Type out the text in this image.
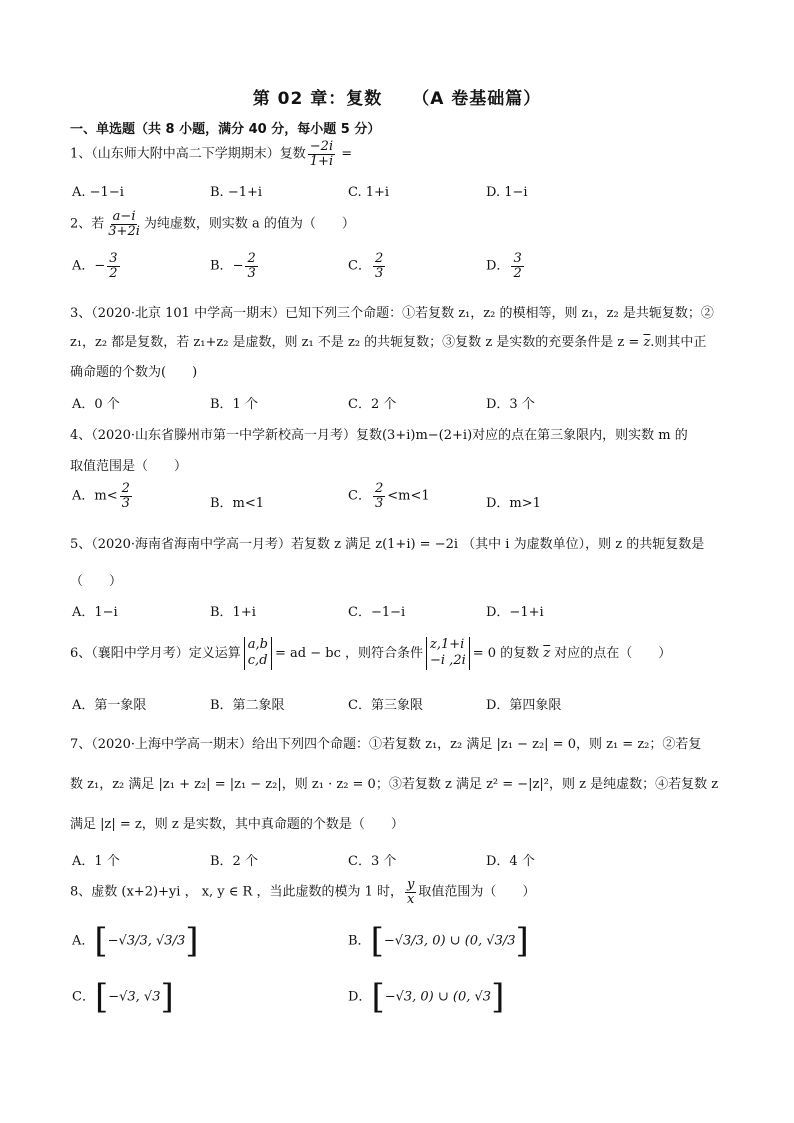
第 02 章：复数 （A 卷基础篇）
一、单选题（共 8 小题，满分 40 分，每小题 5 分）
1、（山东师大附中高二下学期期末）复数 $\frac{-2i}{1+i}$ =
A. −1−i	B. −1+i	C. 1+i	D. 1−i
2、若 $\frac{a-i}{3+2i}$ 为纯虚数，则实数 a 的值为（　　）
A．− $\frac{3}{2}$	B．− $\frac{2}{3}$	C． $\frac{2}{3}$	D． $\frac{3}{2}$
3、（2020·北京 101 中学高一期末）已知下列三个命题：①若复数 z₁，z₂ 的模相等，则 z₁，z₂ 是共轭复数；②
z₁，z₂ 都是复数，若 z₁+z₂ 是虚数，则 z₁ 不是 z₂ 的共轭复数；③复数 z 是实数的充要条件是 $z = \overline{z}$.则其中正
确命题的个数为(　　)
A．0 个	B．1 个	C．2 个	D．3 个
4、（2020·山东省滕州市第一中学新校高一月考）复数(3+i)m−(2+i)对应的点在第三象限内，则实数 m 的
取值范围是（　　）
A．$m< \frac{2}{3}$	B．m<1	C． $\frac{2}{3} <m<1$	D．m>1
5、（2020·海南省海南中学高一月考）若复数 z 满足 z(1+i) = −2i （其中 i 为虚数单位），则 z 的共轭复数是
（　　）
A．1−i	B．1+i	C．−1−i	D．−1+i
6、（襄阳中学月考）定义运算
a,b
c,d = ad − bc ，则符合条件
z,1+i
−i ,2i = 0 的复数 $\overline{z}$ 对应的点在（　　）
A．第一象限	B．第二象限	C．第三象限	D．第四象限
7、（2020·上海中学高一期末）给出下列四个命题：①若复数 z₁，z₂ 满足 |z₁ − z₂| = 0，则 z₁ = z₂；②若复
数 z₁，z₂ 满足 |z₁ + z₂| = |z₁ − z₂|，则 z₁ · z₂ = 0；③若复数 z 满足 z² = −|z|²，则 z 是纯虚数；④若复数 z
满足 |z| = z，则 z 是实数，其中真命题的个数是（　　）
A．1 个	B．2 个	C．3 个	D．4 个
8、虚数 (x+2)+yi ， x, y ∈ R ，当此虚数的模为 1 时， $\frac{y}{x}$ 取值范围为（　　）
A．[−√3/3, √3/3]	B．[−√3/3, 0) ∪ (0, √3/3]
C．[−√3, √3]	D．[−√3, 0) ∪ (0, √3]
